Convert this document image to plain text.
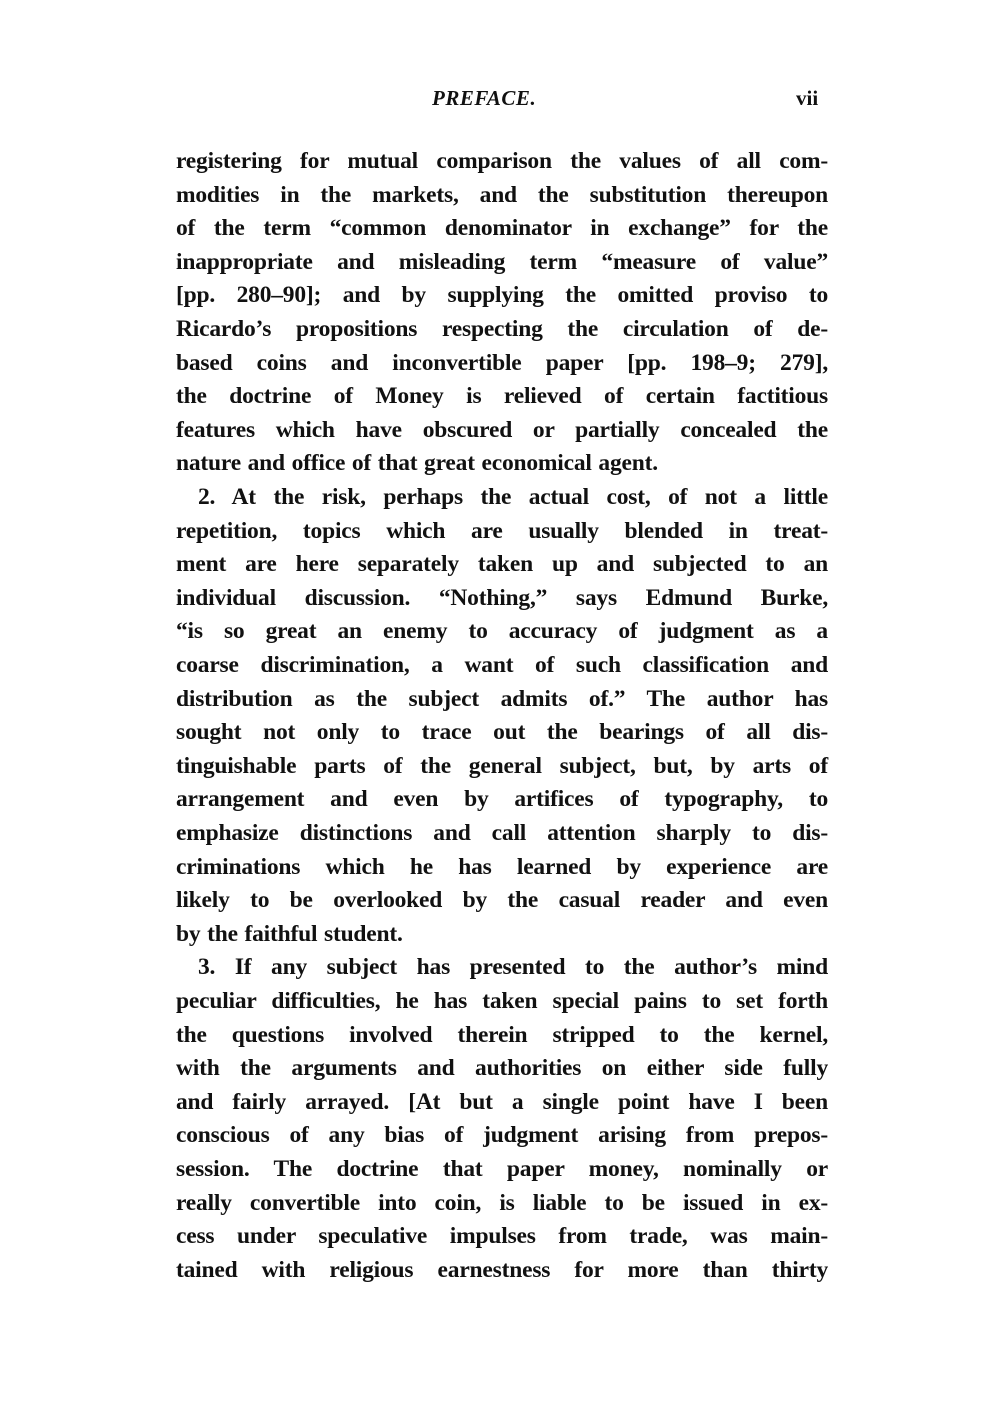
PREFACE.	vii
registering for mutual comparison the values of all com-
modities in the markets, and the substitution thereupon
of the term “common denominator in exchange” for the
inappropriate and misleading term “measure of value”
[pp. 280–90]; and by supplying the omitted proviso to
Ricardo’s propositions respecting the circulation of de-
based coins and inconvertible paper [pp. 198–9; 279],
the doctrine of Money is relieved of certain factitious
features which have obscured or partially concealed the
nature and office of that great economical agent.
2. At the risk, perhaps the actual cost, of not a little
repetition, topics which are usually blended in treat-
ment are here separately taken up and subjected to an
individual discussion. “Nothing,” says Edmund Burke,
“is so great an enemy to accuracy of judgment as a
coarse discrimination, a want of such classification and
distribution as the subject admits of.” The author has
sought not only to trace out the bearings of all dis-
tinguishable parts of the general subject, but, by arts of
arrangement and even by artifices of typography, to
emphasize distinctions and call attention sharply to dis-
criminations which he has learned by experience are
likely to be overlooked by the casual reader and even
by the faithful student.
3. If any subject has presented to the author’s mind
peculiar difficulties, he has taken special pains to set forth
the questions involved therein stripped to the kernel,
with the arguments and authorities on either side fully
and fairly arrayed. [At but a single point have I been
conscious of any bias of judgment arising from prepos-
session. The doctrine that paper money, nominally or
really convertible into coin, is liable to be issued in ex-
cess under speculative impulses from trade, was main-
tained with religious earnestness for more than thirty
